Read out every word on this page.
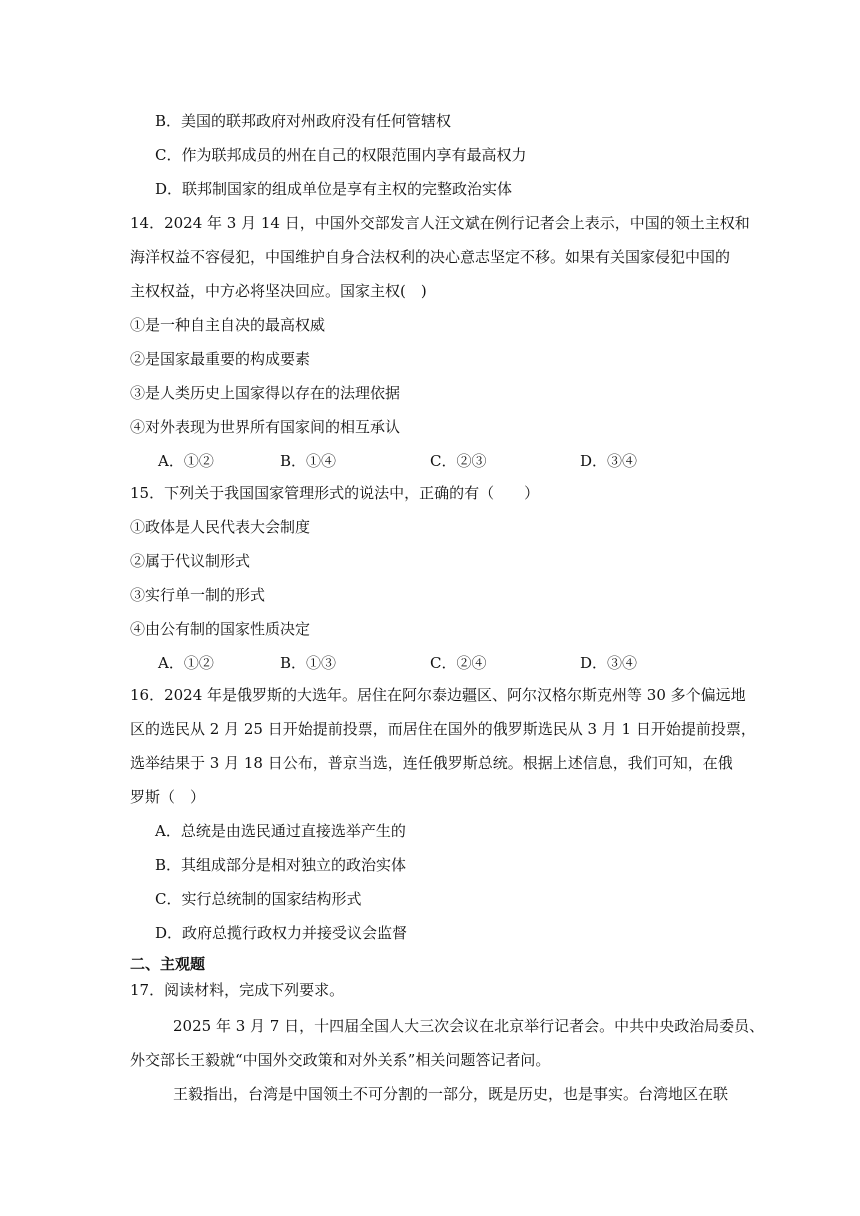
B．美国的联邦政府对州政府没有任何管辖权
C．作为联邦成员的州在自己的权限范围内享有最高权力
D．联邦制国家的组成单位是享有主权的完整政治实体
14．2024 年 3 月 14 日，中国外交部发言人汪文斌在例行记者会上表示，中国的领土主权和
海洋权益不容侵犯，中国维护自身合法权利的决心意志坚定不移。如果有关国家侵犯中国的
主权权益，中方必将坚决回应。国家主权(　)
①是一种自主自决的最高权威
②是国家最重要的构成要素
③是人类历史上国家得以存在的法理依据
④对外表现为世界所有国家间的相互承认
A．①②	B．①④	C．②③	D．③④
15．下列关于我国国家管理形式的说法中，正确的有（　　）
①政体是人民代表大会制度
②属于代议制形式
③实行单一制的形式
④由公有制的国家性质决定
A．①②	B．①③	C．②④	D．③④
16．2024 年是俄罗斯的大选年。居住在阿尔泰边疆区、阿尔汉格尔斯克州等 30 多个偏远地
区的选民从 2 月 25 日开始提前投票，而居住在国外的俄罗斯选民从 3 月 1 日开始提前投票，
选举结果于 3 月 18 日公布，普京当选，连任俄罗斯总统。根据上述信息，我们可知，在俄
罗斯（　）
A．总统是由选民通过直接选举产生的
B．其组成部分是相对独立的政治实体
C．实行总统制的国家结构形式
D．政府总揽行政权力并接受议会监督
二、主观题
17．阅读材料，完成下列要求。
2025 年 3 月 7 日，十四届全国人大三次会议在北京举行记者会。中共中央政治局委员、
外交部长王毅就“中国外交政策和对外关系”相关问题答记者问。
王毅指出，台湾是中国领土不可分割的一部分，既是历史，也是事实。台湾地区在联
